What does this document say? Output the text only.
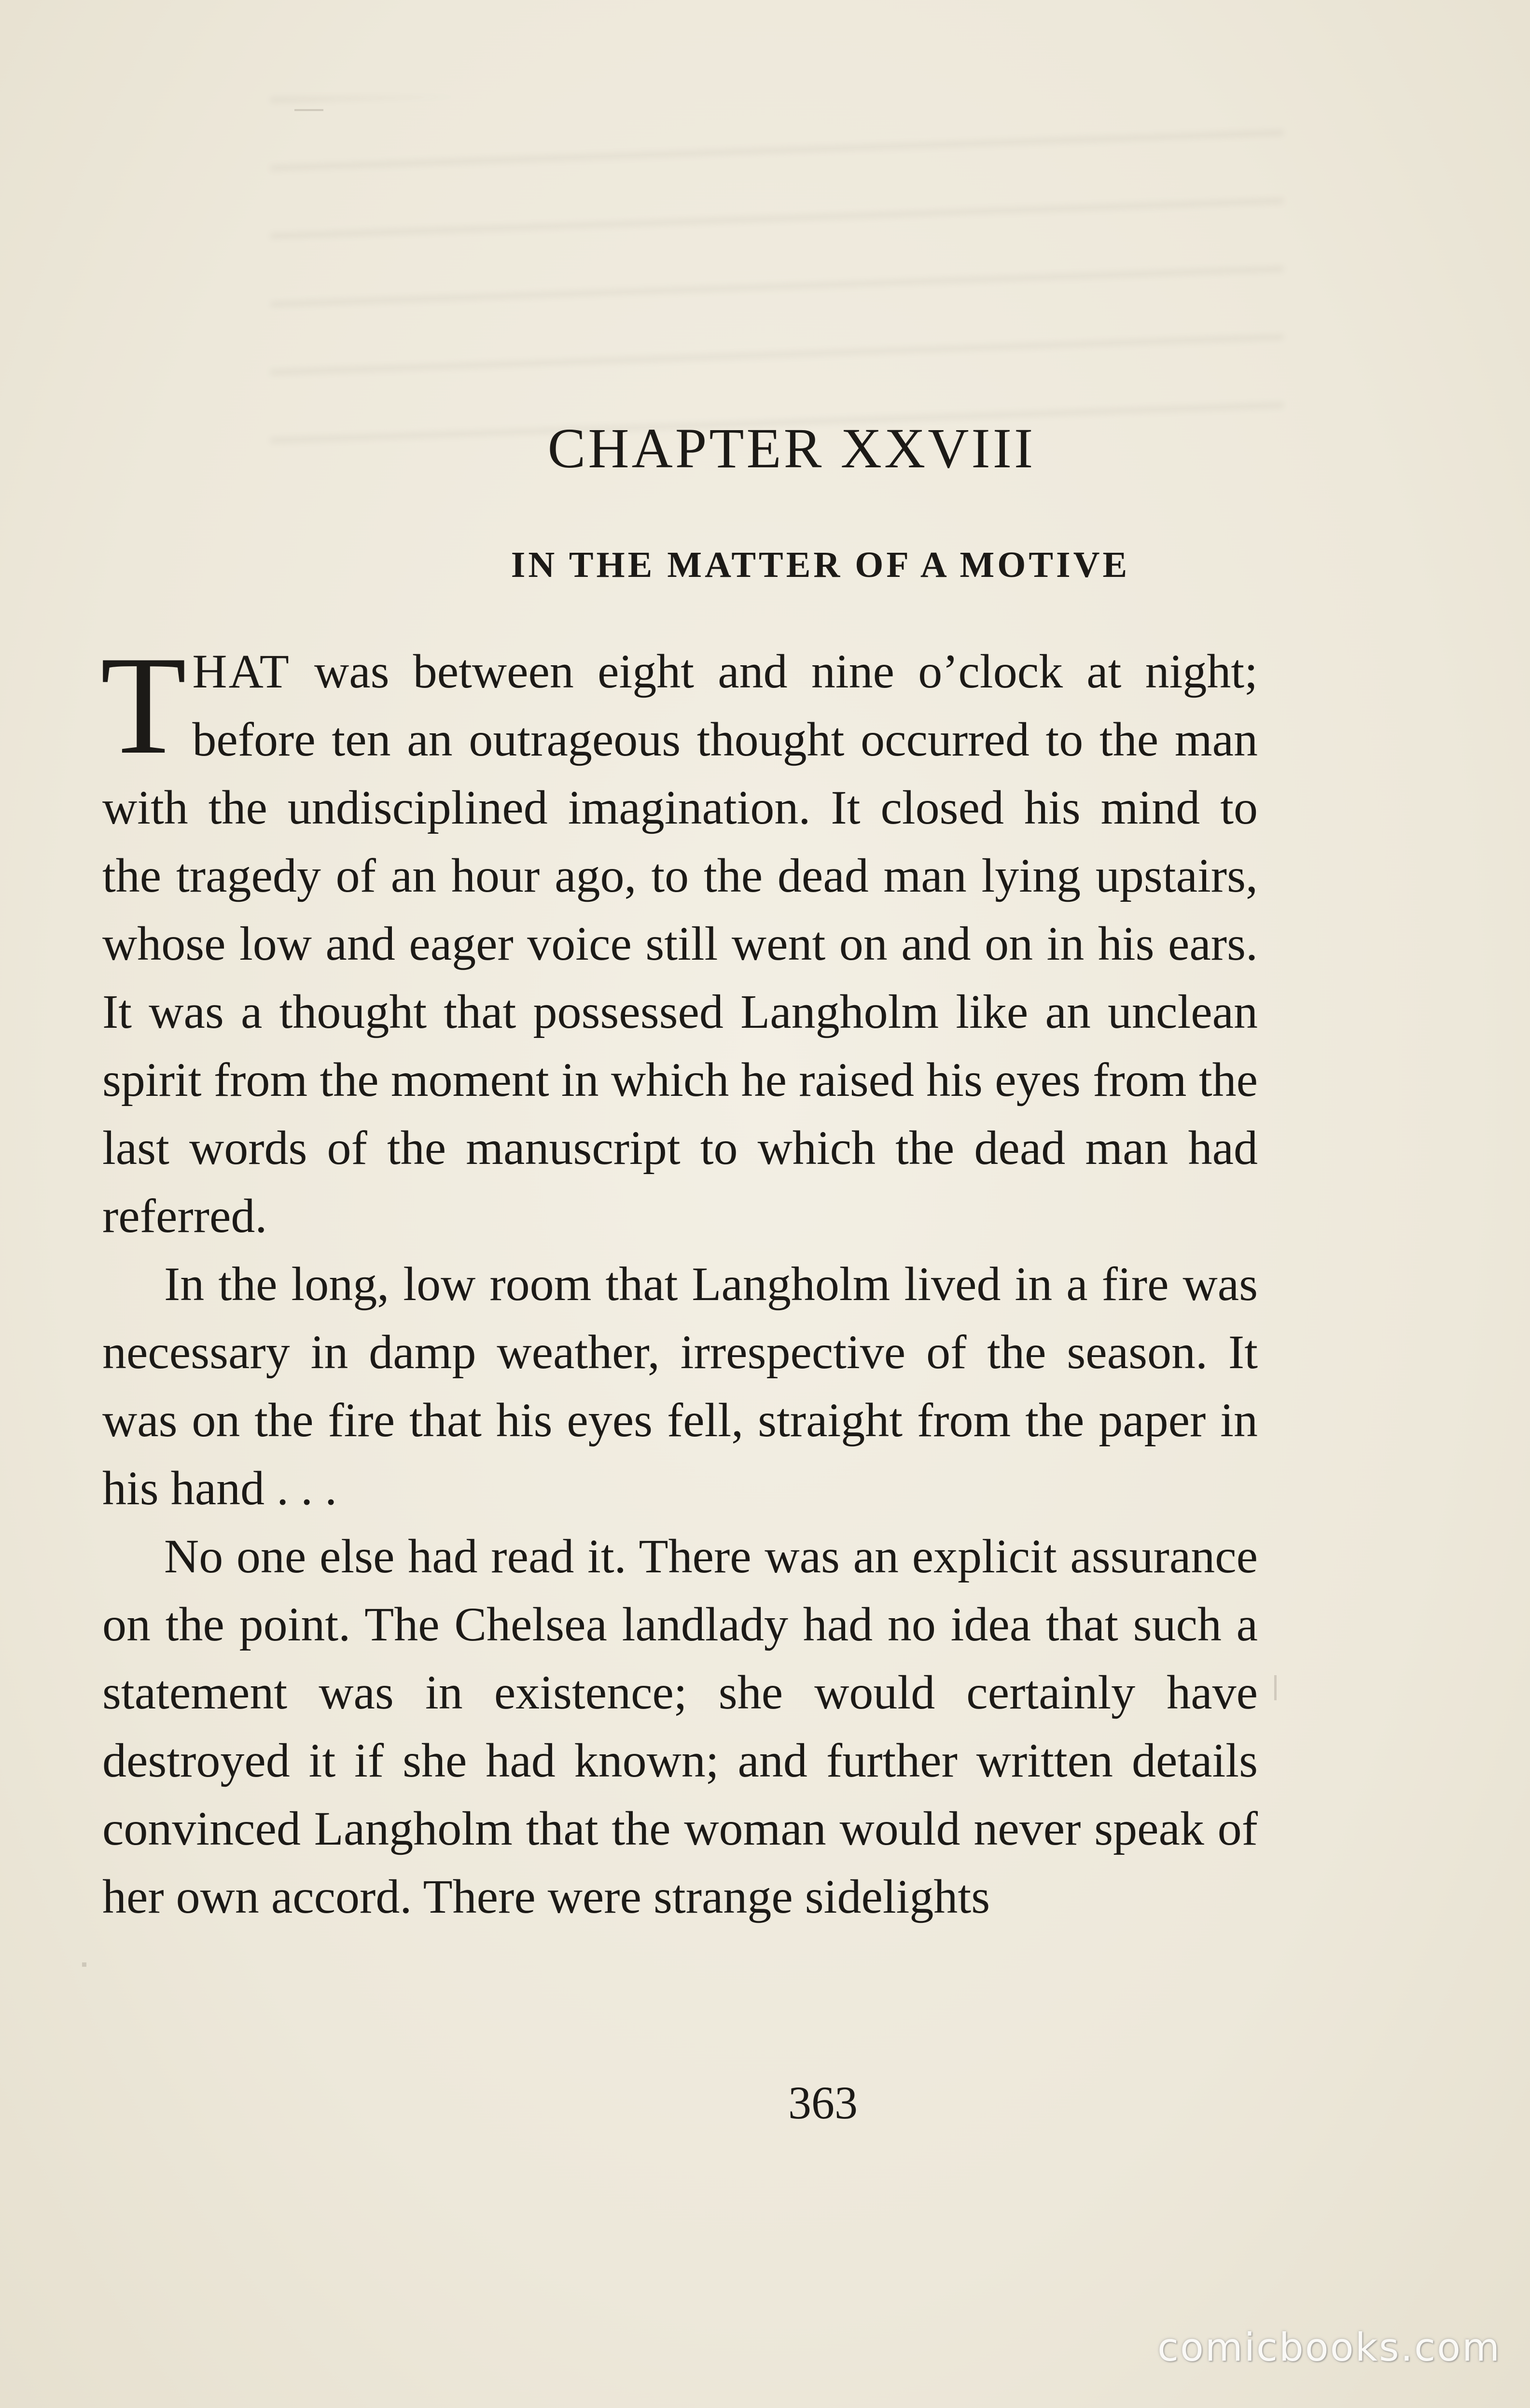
CHAPTER XXVIII
IN THE MATTER OF A MOTIVE

THAT was between eight and nine o’clock at night; before ten an outrageous thought occurred to the man with the undisciplined imagination. It closed his mind to the tragedy of an hour ago, to the dead man lying upstairs, whose low and eager voice still went on and on in his ears. It was a thought that possessed Langholm like an unclean spirit from the moment in which he raised his eyes from the last words of the manuscript to which the dead man had referred.

In the long, low room that Langholm lived in a fire was necessary in damp weather, irrespective of the season. It was on the fire that his eyes fell, straight from the paper in his hand . . .

No one else had read it. There was an explicit assurance on the point. The Chelsea landlady had no idea that such a statement was in existence; she would certainly have destroyed it if she had known; and further written details convinced Langholm that the woman would never speak of her own accord. There were strange sidelights

363
comicbooks.com
